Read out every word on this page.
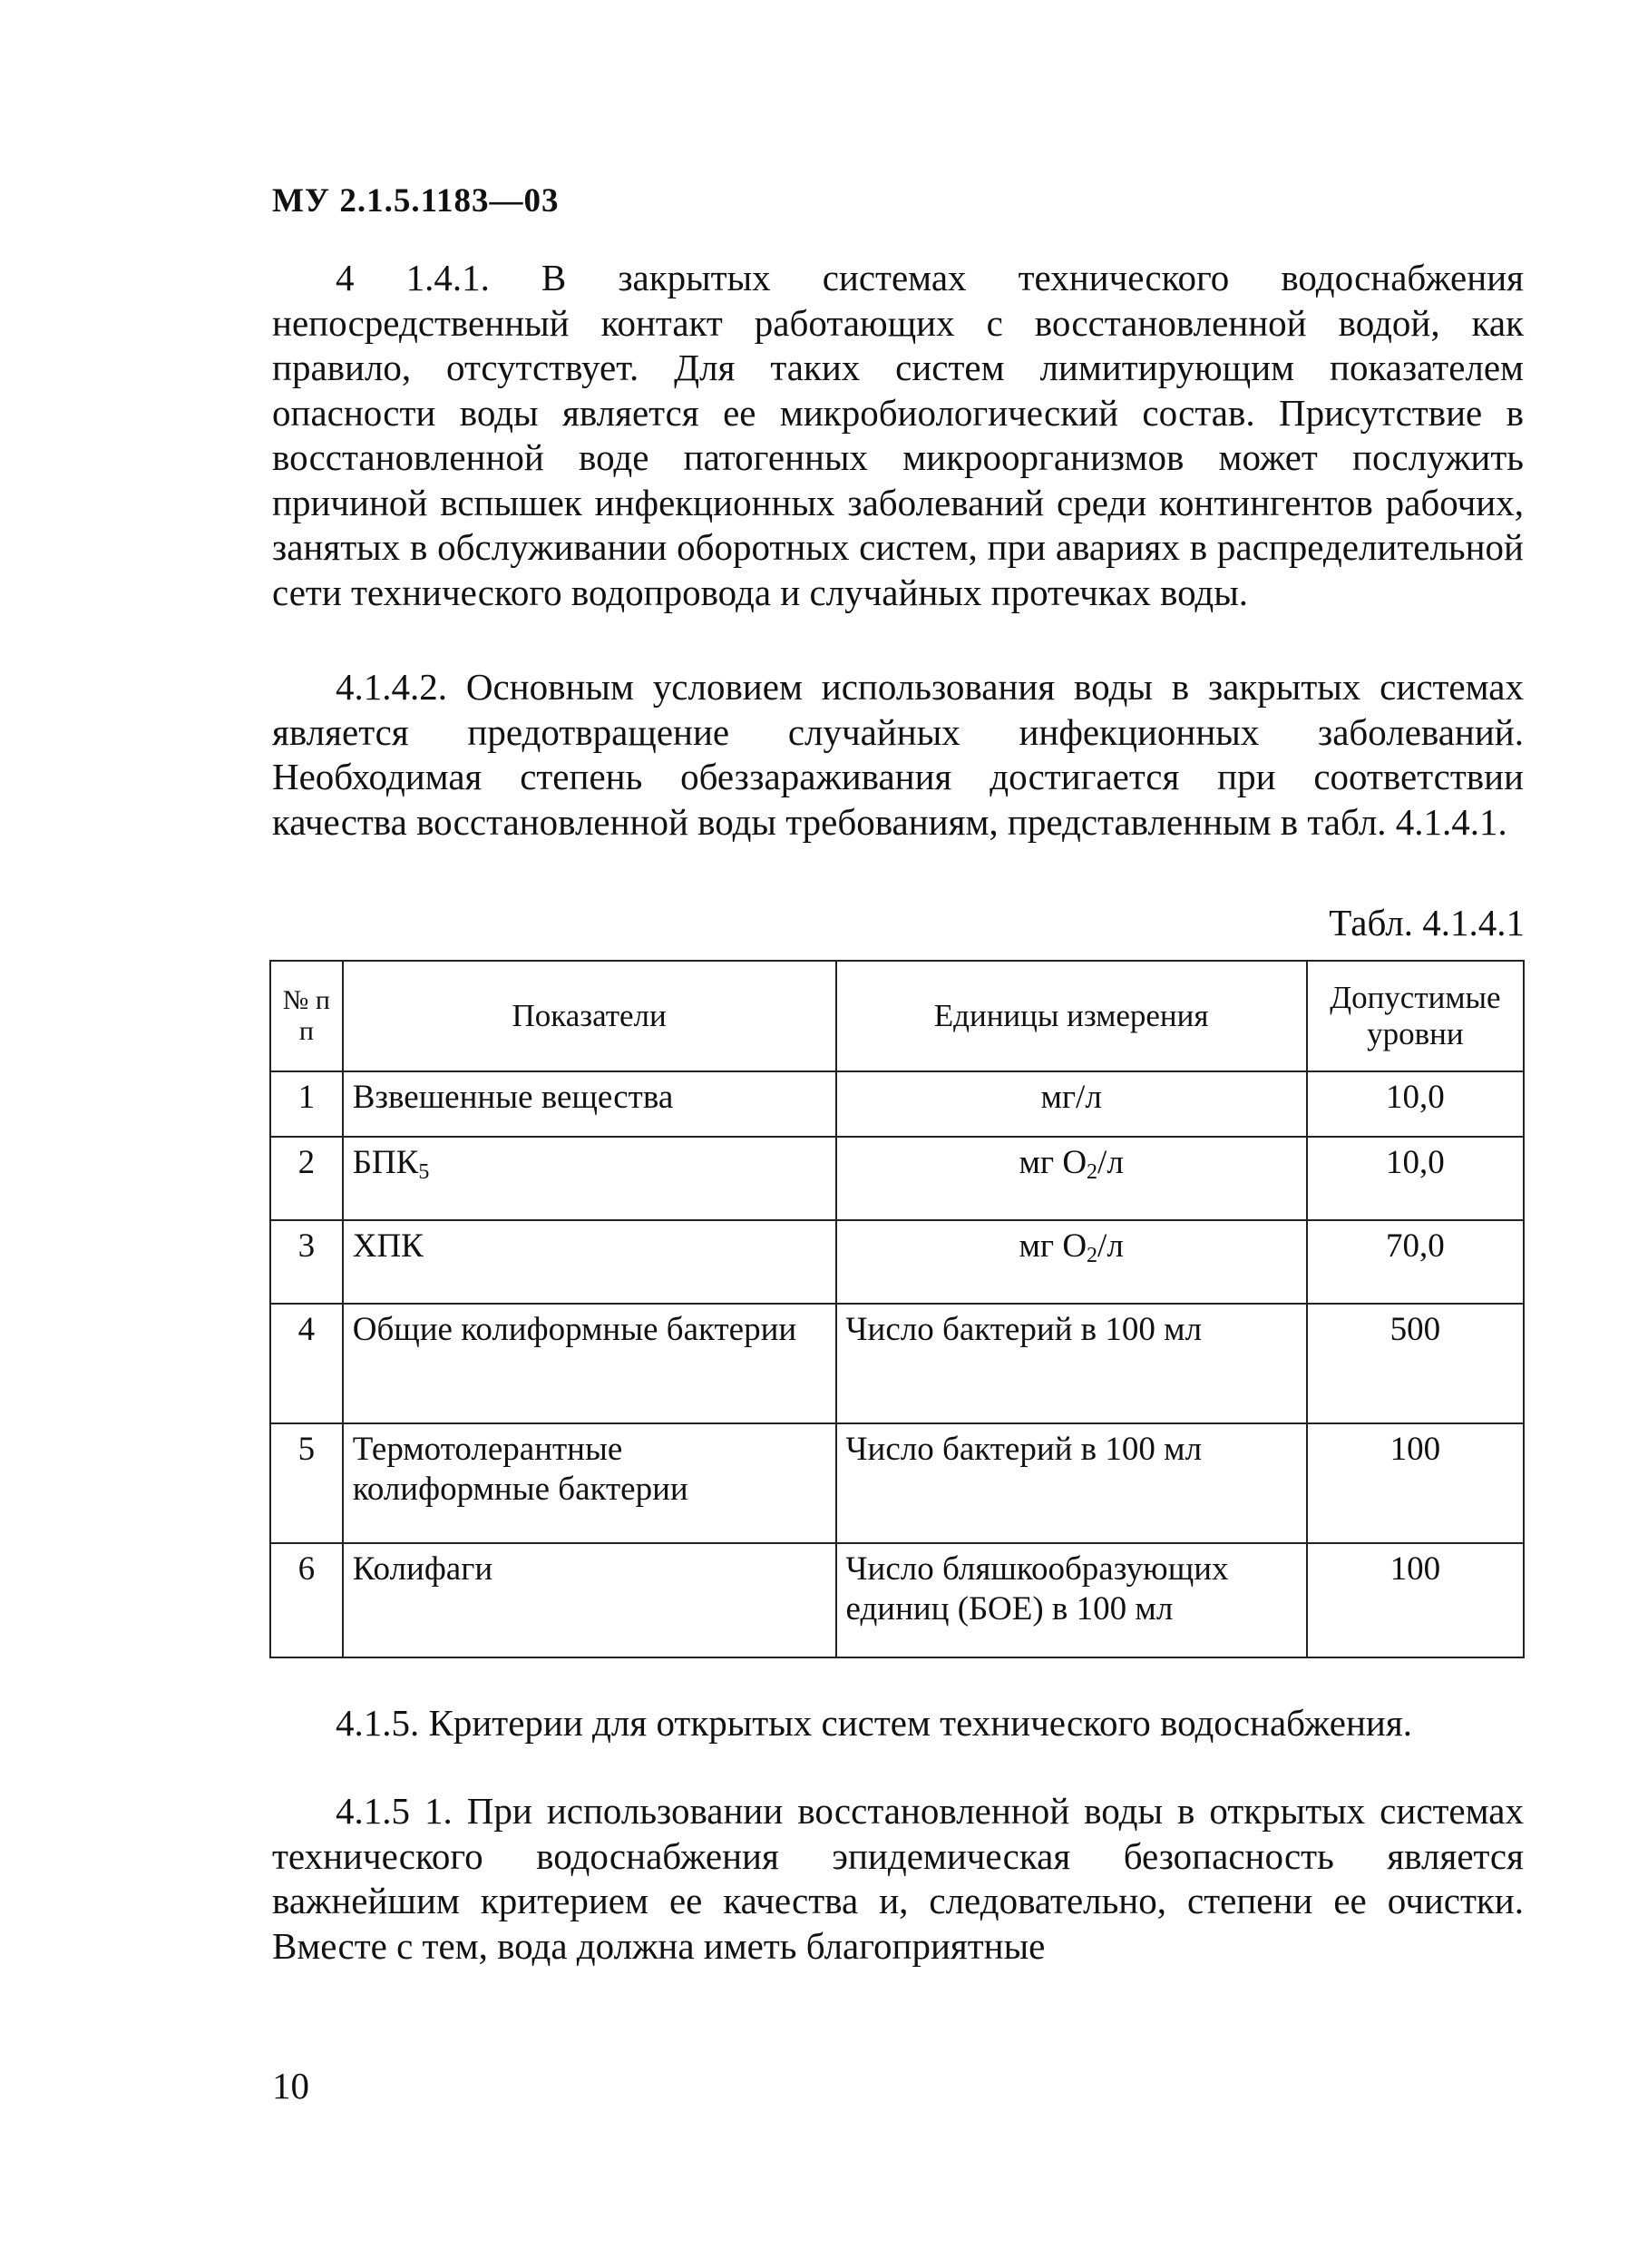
МУ 2.1.5.1183—03

4 1.4.1. В закрытых системах технического водоснабжения непосредственный контакт работающих с восстановленной водой, как правило, отсутствует. Для таких систем лимитирующим показателем опасности воды является ее микробиологический состав. Присутствие в восстановленной воде патогенных микроорганизмов может послужить причиной вспышек инфекционных заболеваний среди контингентов рабочих, занятых в обслуживании оборотных систем, при авариях в распределительной сети технического водопровода и случайных протечках воды.

4.1.4.2. Основным условием использования воды в закрытых системах является предотвращение случайных инфекционных заболеваний. Необходимая степень обеззараживания достигается при соответствии качества восстановленной воды требованиям, представленным в табл. 4.1.4.1.

Табл. 4.1.4.1
№ п п	Показатели	Единицы измерения	Допустимые уровни
1	Взвешенные вещества	мг/л	10,0
2	$БПК_5$	мг $O_2/л$	10,0
3	ХПК	мг $O_2/л$	70,0
4	Общие колиформные бактерии	Число бактерий в 100 мл	500
5	Термотолерантные колиформные бактерии	Число бактерий в 100 мл	100
6	Колифаги	Число бляшкообразующих единиц (БОЕ) в 100 мл	100

4.1.5. Критерии для открытых систем технического водоснабжения.

4.1.5 1. При использовании восстановленной воды в открытых системах технического водоснабжения эпидемическая безопасность является важнейшим критерием ее качества и, следовательно, степени ее очистки. Вместе с тем, вода должна иметь благоприятные

10
